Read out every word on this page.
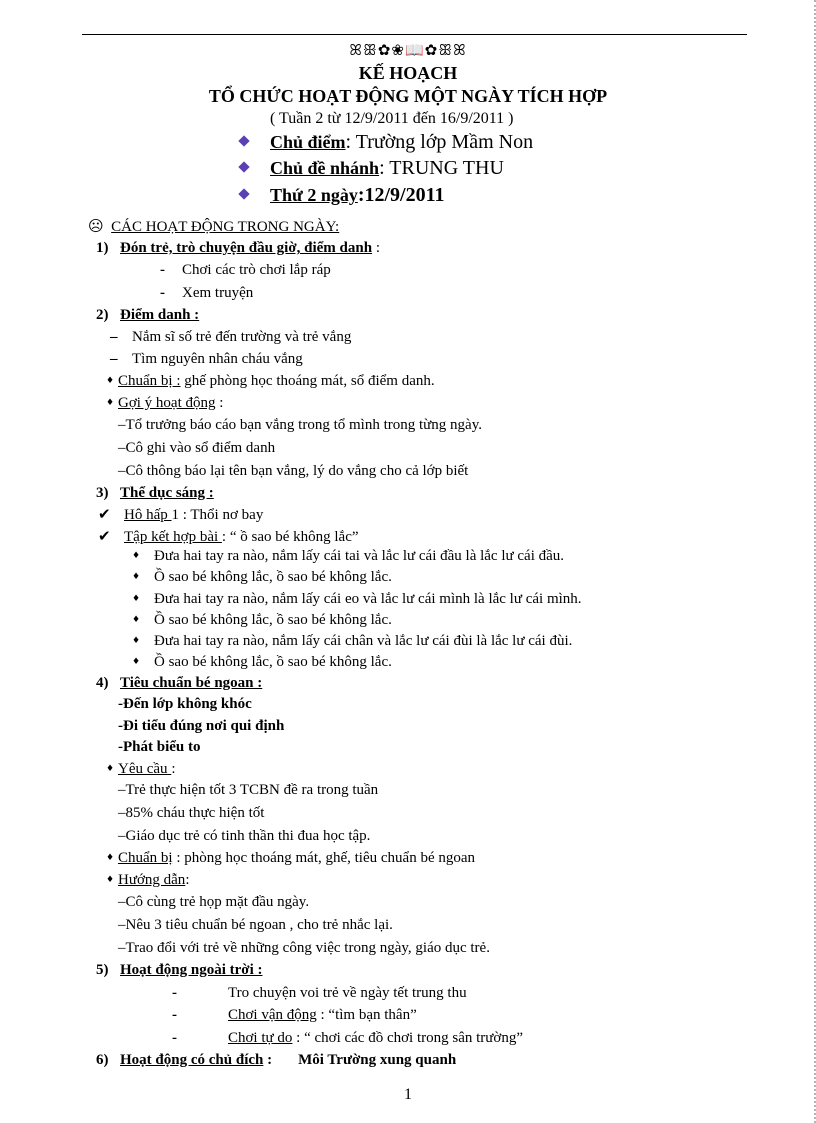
ꕤꕥ✿❀📖✿ꕥꕤ
KẾ HOẠCH
TỔ CHỨC HOẠT ĐỘNG MỘT NGÀY TÍCH HỢP
( Tuần 2 từ 12/9/2011 đến 16/9/2011 )
Chủ điểm: Trường lớp Mầm Non
Chủ đề nhánh: TRUNG THU
Thứ 2 ngày:12/9/2011
☹ CÁC HOẠT ĐỘNG TRONG NGÀY:
1) Đón trẻ, trò chuyện đầu giờ, điểm danh :
- Chơi các trò chơi lắp ráp
- Xem truyện
2) Điểm danh :
– Nắm sĩ số trẻ đến trường và trẻ vắng
– Tìm nguyên nhân cháu vắng
♦ Chuẩn bị : ghế phòng học thoáng mát, sổ điểm danh.
♦ Gợi ý hoạt động :
–Tổ trưởng báo cáo bạn vắng trong tổ mình trong từng ngày.
–Cô ghi vào sổ điểm danh
–Cô thông báo lại tên bạn vắng, lý do vắng cho cả lớp biết
3) Thể dục sáng :
✔ Hô hấp 1 : Thổi nơ bay
✔ Tập kết hợp bài : “ ồ sao bé không lắc”
♦ Đưa hai tay ra nào, nắm lấy cái tai và lắc lư cái đầu là lắc lư cái đầu.
♦ Ồ sao bé không lắc, ồ sao bé không lắc.
♦ Đưa hai tay ra nào, nắm lấy cái eo và lắc lư cái mình là lắc lư cái mình.
♦ Ồ sao bé không lắc, ồ sao bé không lắc.
♦ Đưa hai tay ra nào, nắm lấy cái chân và lắc lư cái đùi là lắc lư cái đùi.
♦ Ồ sao bé không lắc, ồ sao bé không lắc.
4) Tiêu chuẩn bé ngoan :
-Đến lớp không khóc
-Đi tiểu đúng nơi qui định
-Phát biểu to
♦ Yêu cầu :
–Trẻ thực hiện tốt 3 TCBN đề ra trong tuần
–85% cháu thực hiện tốt
–Giáo dục trẻ có tinh thần thi đua học tập.
♦ Chuẩn bị : phòng học thoáng mát, ghế, tiêu chuẩn bé ngoan
♦ Hướng dẫn:
–Cô cùng trẻ họp mặt đầu ngày.
–Nêu 3 tiêu chuẩn bé ngoan , cho trẻ nhắc lại.
–Trao đổi với trẻ về những công việc trong ngày, giáo dục trẻ.
5) Hoạt động ngoài trời :
-	Tro chuyện voi trẻ về ngày tết trung thu
-	Chơi vận động : “tìm bạn thân”
-	Chơi tự do : “ chơi các đồ chơi trong sân trường”
6) Hoạt động có chủ đích : Môi Trường xung quanh
1
